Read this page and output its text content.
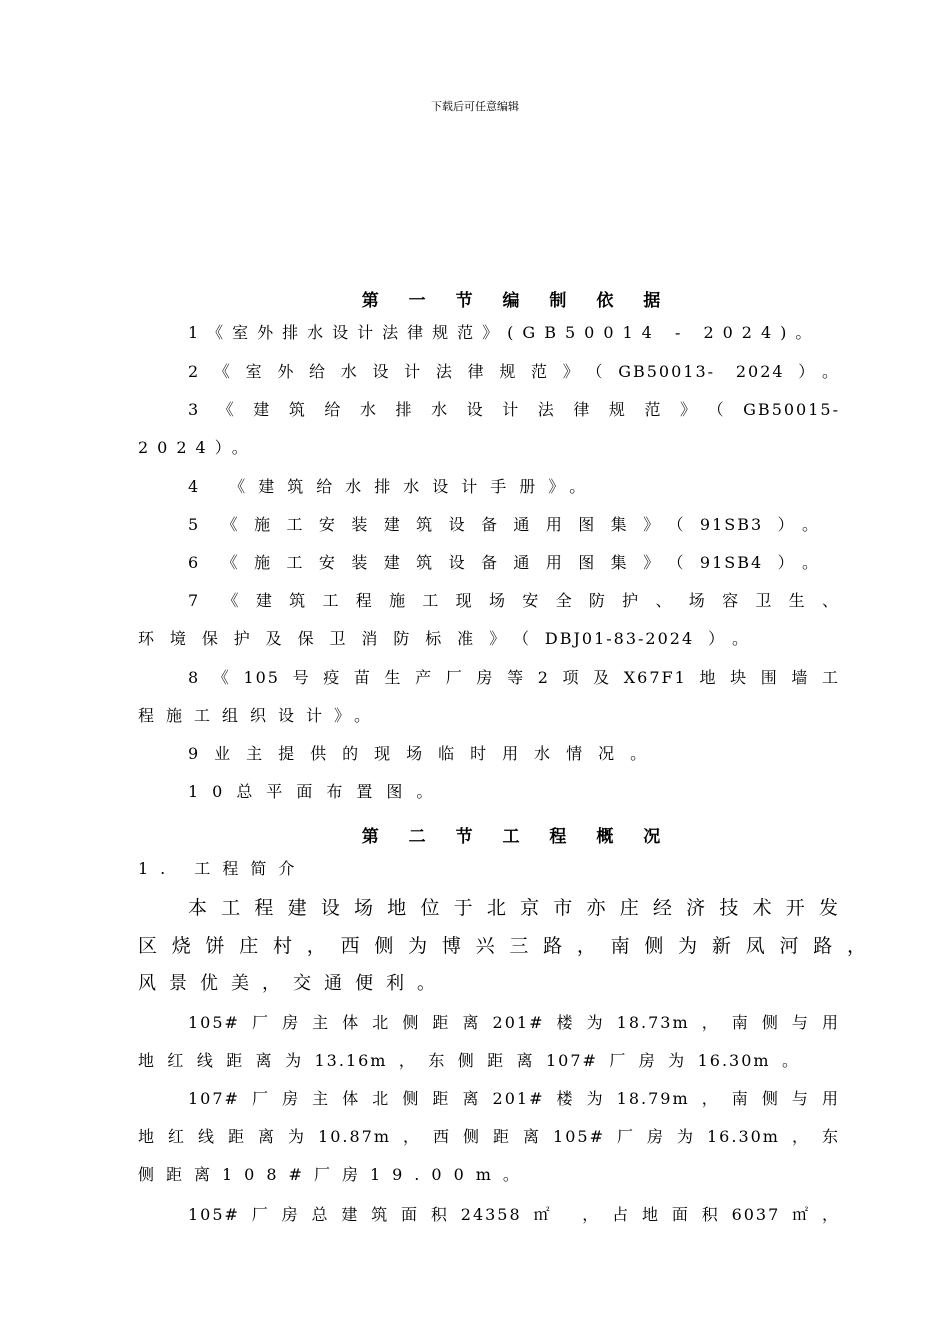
下载后可任意编辑
第 一 节 编 制 依 据
1《室外排水设计法律规范》(GB50014 - 2024)。
2《室外给水设计法律规范》（GB50013- 2024）。
3《建筑给水排水设计法律规范》（GB50015-
2024）。
4 《建筑给水排水设计手册》。
5 《施工安装建筑设备通用图集》（91SB3）。
6 《施工安装建筑设备通用图集》（91SB4）。
7 《建筑工程施工现场安全防护、场容卫生、
环境保护及保卫消防标准》（DBJ01-83-2024）。
8《105号疫苗生产厂房等2项及X67F1地块围墙工
程施工组织设计》。
9业主提供的现场临时用水情况。
10总平面布置图。
第 二 节 工 程 概 况
1. 工程简介
本工程建设场地位于北京市亦庄经济技术开发
区烧饼庄村，西侧为博兴三路，南侧为新凤河路，
风景优美，交通便利。
105#厂房主体北侧距离201#楼为18.73m，南侧与用
地红线距离为13.16m，东侧距离107#厂房为16.30m。
107#厂房主体北侧距离201#楼为18.79m，南侧与用
地红线距离为10.87m，西侧距离105#厂房为16.30m，东
侧距离108#厂房19.00m。
105#厂房总建筑面积24358㎡ ，占地面积6037㎡，
